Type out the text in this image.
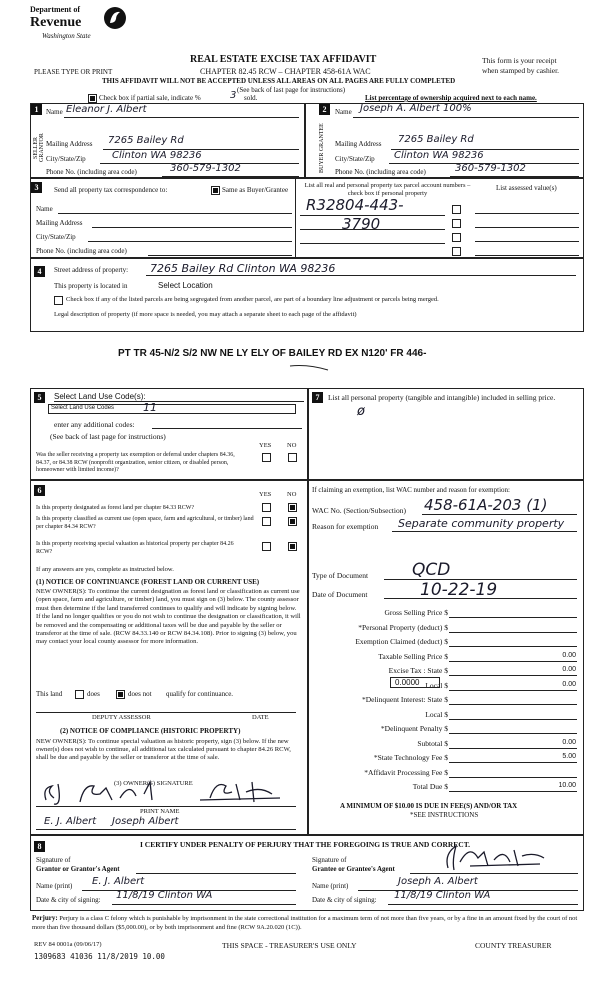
Department of
Revenue
Washington State
PLEASE TYPE OR PRINT
REAL ESTATE EXCISE TAX AFFIDAVIT
CHAPTER 82.45 RCW – CHAPTER 458-61A WAC
This form is your receipt
when stamped by cashier.
THIS AFFIDAVIT WILL NOT BE ACCEPTED UNLESS ALL AREAS ON ALL PAGES ARE FULLY COMPLETED
(See back of last page for instructions)
Check box if partial sale, indicate %	3 sold.	List percentage of ownership acquired next to each name.
1
SELLER GRANTOR
Name Eleanor J. Albert
Mailing Address 7265 Bailey Rd
City/State/Zip	Clinton WA 98236
Phone No. (including area code)	360-579-1302
2
BUYER GRANTEE
Name Joseph A. Albert 100%
Mailing Address 7265 Bailey Rd
City/State/Zip Clinton WA 98236
Phone No. (including area code)	360-579-1302
3	Send all property tax correspondence to:	Same as Buyer/Grantee
Name
Mailing Address
City/State/Zip
Phone No. (including area code)
List all real and personal property tax parcel account numbers – check box if personal property
List assessed value(s)
R32804-443-
3790
4	Street address of property: 7265 Bailey Rd Clinton WA 98236
This property is located in	Select Location
Check box if any of the listed parcels are being segregated from another parcel, are part of a boundary line adjustment or parcels being merged.
Legal description of property (if more space is needed, you may attach a separate sheet to each page of the affidavit)
PT TR 45-N/2 S/2 NW NE LY ELY OF BAILEY RD EX N120' FR 446-
5	Select Land Use Code(s):
Select Land Use Codes	11
enter any additional codes:
(See back of last page for instructions)
YES NO
Was the seller receiving a property tax exemption or deferral under chapters 84.36, 84.37, or 84.38 RCW (nonprofit organization, senior citizen, or disabled person, homeowner with limited income)?
7	List all personal property (tangible and intangible) included in selling price.
ø
6	YES NO
Is this property designated as forest land per chapter 84.33 RCW?
Is this property classified as current use (open space, farm and agricultural, or timber) land per chapter 84.34 RCW?
Is this property receiving special valuation as historical property per chapter 84.26 RCW?
If any answers are yes, complete as instructed below.
(1) NOTICE OF CONTINUANCE (FOREST LAND OR CURRENT USE)
NEW OWNER(S): To continue the current designation as forest land or classification as current use (open space, farm and agriculture, or timber) land, you must sign on (3) below. The county assessor must then determine if the land transferred continues to qualify and will indicate by signing below. If the land no longer qualifies or you do not wish to continue the designation or classification, it will be removed and the compensating or additional taxes will be due and payable by the seller or transferor at the time of sale. (RCW 84.33.140 or RCW 84.34.108). Prior to signing (3) below, you may contact your local county assessor for more information.
This land	does	does not qualify for continuance.
DEPUTY ASSESSOR	DATE
(2) NOTICE OF COMPLIANCE (HISTORIC PROPERTY)
NEW OWNER(S): To continue special valuation as historic property, sign (3) below. If the new owner(s) does not wish to continue, all additional tax calculated pursuant to chapter 84.26 RCW, shall be due and payable by the seller or transferor at the time of sale.
(3) OWNER(S) SIGNATURE
PRINT NAME
E. J. Albert     Joseph Albert
If claiming an exemption, list WAC number and reason for exemption:
WAC No. (Section/Subsection) 458-61A-203 (1)
Reason for exemption Separate community property
Type of Document	QCD
Date of Document	10-22-19
Gross Selling Price $
*Personal Property (deduct) $
Exemption Claimed (deduct) $
Taxable Selling Price $	0.00
Excise Tax : State $	0.00
Local $	0.00
*Delinquent Interest: State $
Local $
*Delinquent Penalty $
Subtotal $	0.00
*State Technology Fee $	5.00
*Affidavit Processing Fee $
Total Due $	10.00
0.0000
A MINIMUM OF $10.00 IS DUE IN FEE(S) AND/OR TAX
*SEE INSTRUCTIONS
8	I CERTIFY UNDER PENALTY OF PERJURY THAT THE FOREGOING IS TRUE AND CORRECT.
Signature of
Grantor or Grantor's Agent
Name (print) E. J. Albert
Date & city of signing: 11/8/19 Clinton WA
Signature of
Grantee or Grantee's Agent
Name (print)	Joseph A. Albert
Date & city of signing: 11/8/19 Clinton WA
Perjury: Perjury is a class C felony which is punishable by imprisonment in the state correctional institution for a maximum term of not more than five years, or by a fine in an amount fixed by the court of not more than five thousand dollars ($5,000.00), or by both imprisonment and fine (RCW 9A.20.020 (1C)).
REV 84 0001a (09/06/17)	THIS SPACE - TREASURER'S USE ONLY	COUNTY TREASURER
1309683 41036 11/8/2019 10.00
